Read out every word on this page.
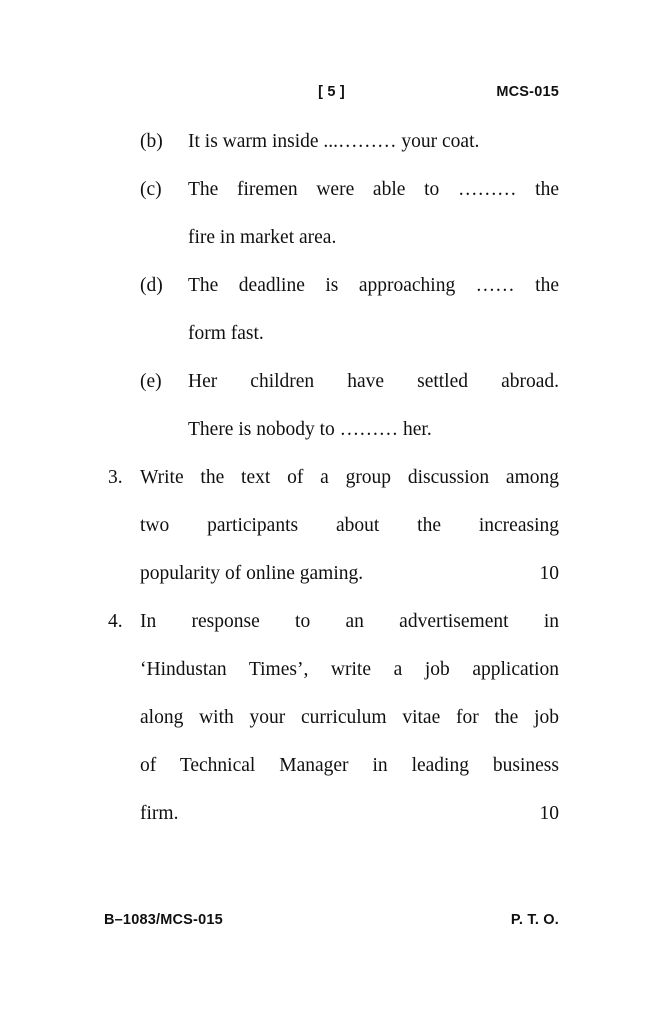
[ 5 ]	MCS-015
(b) It is warm inside ...……… your coat.
(c) The firemen were able to ……… the
fire in market area.
(d) The deadline is approaching …… the
form fast.
(e) Her children have settled abroad.
There is nobody to ……… her.
3. Write the text of a group discussion among
two participants about the increasing
10
popularity of online gaming.
4. In response to an advertisement in
‘Hindustan Times’, write a job application
along with your curriculum vitae for the job
of Technical Manager in leading business
10
firm.
B–1083/MCS-015	P. T. O.
